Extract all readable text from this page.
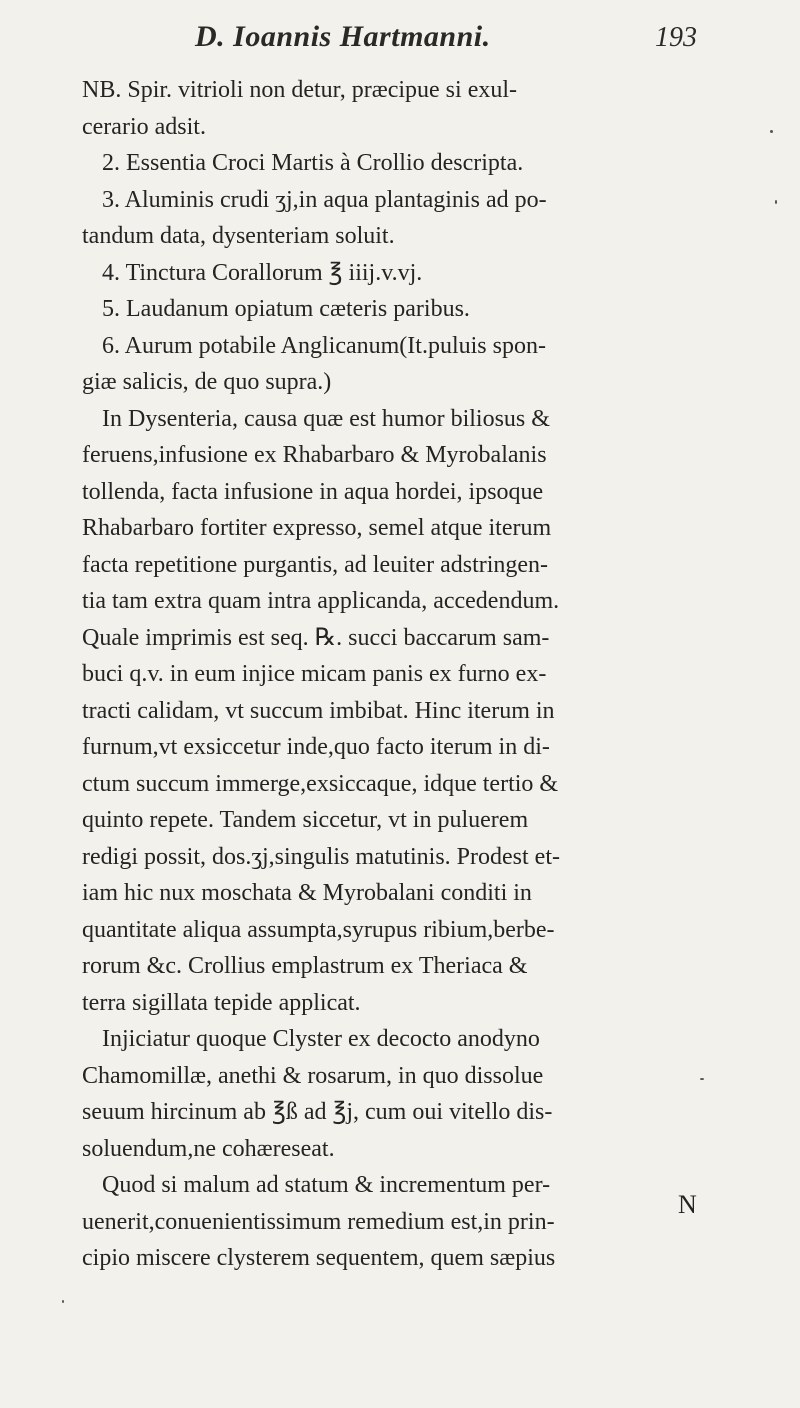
D. Ioannis Hartmanni.	193
NB. Spir. vitrioli non detur, præcipue si exul-
cerario adsit.
2. Essentia Croci Martis à Crollio descripta.
3. Aluminis crudi ʒj,in aqua plantaginis ad po-
tandum data, dysenteriam soluit.
4. Tinctura Corallorum ℥ iiij.v.vj.
5. Laudanum opiatum cæteris paribus.
6. Aurum potabile Anglicanum(It.puluis spon-
giæ salicis, de quo supra.)
In Dysenteria, causa quæ est humor biliosus &
feruens,infusione ex Rhabarbaro & Myrobalanis
tollenda, facta infusione in aqua hordei, ipsoque
Rhabarbaro fortiter expresso, semel atque iterum
facta repetitione purgantis, ad leuiter adstringen-
tia tam extra quam intra applicanda, accedendum.
Quale imprimis est seq. ℞. succi baccarum sam-
buci q.v. in eum injice micam panis ex furno ex-
tracti calidam, vt succum imbibat. Hinc iterum in
furnum,vt exsiccetur inde,quo facto iterum in di-
ctum succum immerge,exsiccaque, idque tertio &
quinto repete. Tandem siccetur, vt in puluerem
redigi possit, dos.ʒj,singulis matutinis. Prodest et-
iam hic nux moschata & Myrobalani conditi in
quantitate aliqua assumpta,syrupus ribium,berbe-
rorum &c. Crollius emplastrum ex Theriaca &
terra sigillata tepide applicat.
Injiciatur quoque Clyster ex decocto anodyno
Chamomillæ, anethi & rosarum, in quo dissolue
seuum hircinum ab ℥ß ad ℥j, cum oui vitello dis-
soluendum,ne cohæreseat.
Quod si malum ad statum & incrementum per-
uenerit,conuenientissimum remedium est,in prin-
cipio miscere clysterem sequentem, quem sæpius
N
